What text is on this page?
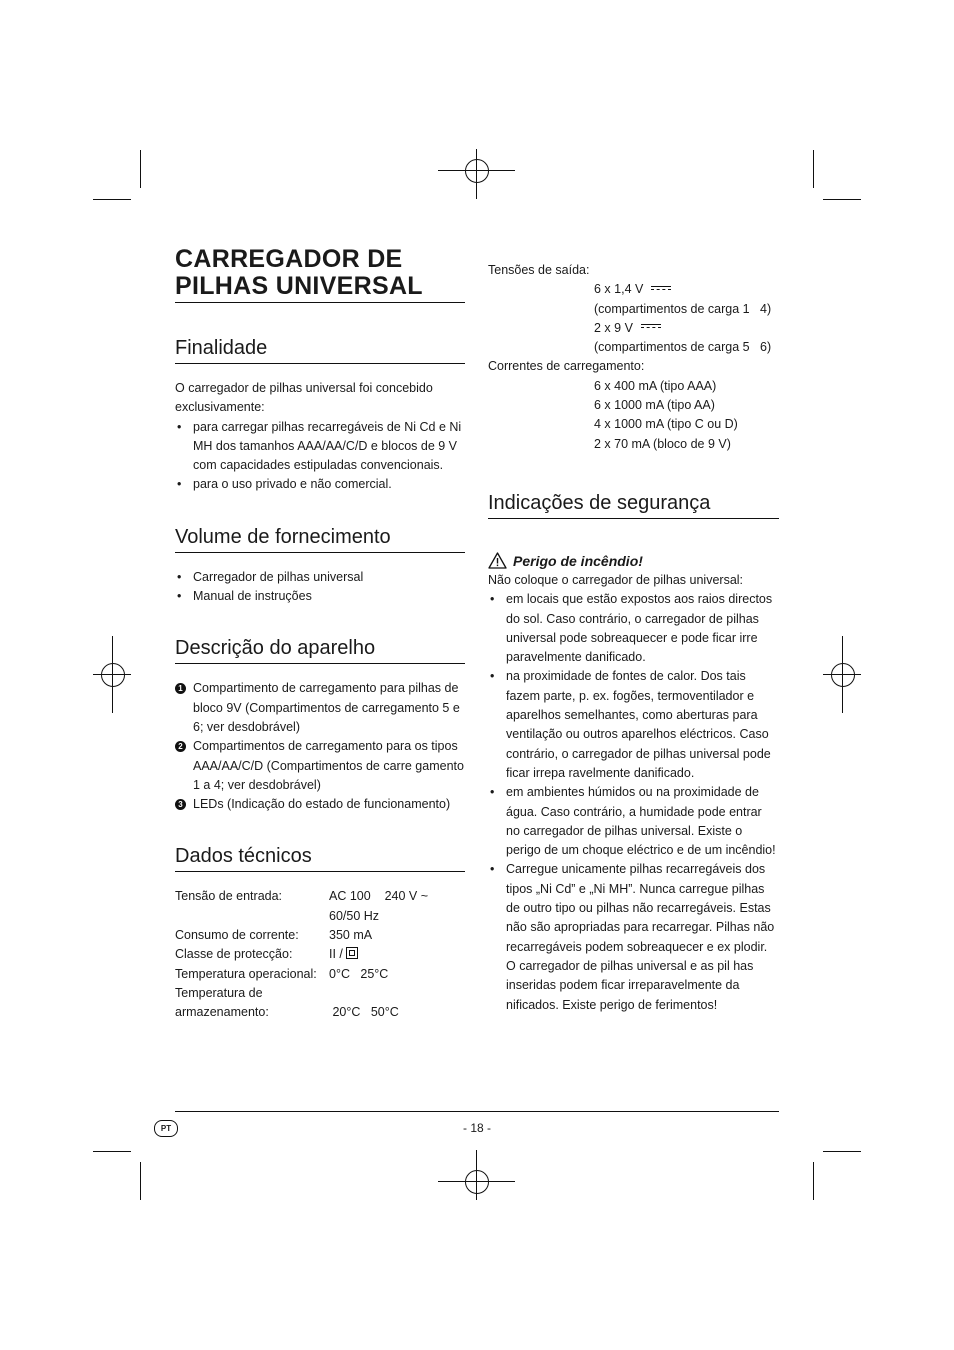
CARREGADOR DE PILHAS UNIVERSAL
Finalidade

O carregador de pilhas universal foi concebido exclusivamente:

• para carregar pilhas recarregáveis de Ni Cd e Ni MH dos tamanhos AAA/AA/C/D e blocos de 9 V com capacidades estipuladas convencionais.
• para o uso privado e não comercial.
Volume de fornecimento
• Carregador de pilhas universal
• Manual de instruções
Descrição do aparelho
1 Compartimento de carregamento para pilhas de bloco 9V (Compartimentos de carregamento 5 e 6; ver desdobrável)
2 Compartimentos de carregamento para os tipos AAA/AA/C/D (Compartimentos de carre gamento 1 a 4; ver desdobrável)
3 LEDs (Indicação do estado de funcionamento)
Dados técnicos
Tensão de entrada:	AC 100    240 V ~
60/50 Hz
Consumo de corrente:	350 mA
Classe de protecção:	II /
Temperatura operacional: 0°C   25°C
Temperatura de
armazenamento:	20°C   50°C

Tensões de saída:

6 x 1,4 V

(compartimentos de carga 1   4)

2 x 9 V

(compartimentos de carga 5   6)

Correntes de carregamento:

6 x 400 mA (tipo AAA)

6 x 1000 mA (tipo AA)

4 x 1000 mA (tipo C ou D)

2 x 70 mA (bloco de 9 V)

Indicações de segurança
Perigo de incêndio!

Não coloque o carregador de pilhas universal:

• em locais que estão expostos aos raios directos do sol. Caso contrário, o carregador de pilhas universal pode sobreaquecer e pode ficar irre paravelmente danificado.
• na proximidade de fontes de calor. Dos tais fazem parte, p. ex. fogões, termoventilador e aparelhos semelhantes, como aberturas para ventilação ou outros aparelhos eléctricos. Caso contrário, o carregador de pilhas universal pode ficar irrepa ravelmente danificado.
• em ambientes húmidos ou na proximidade de água. Caso contrário, a humidade pode entrar no carregador de pilhas universal. Existe o perigo de um choque eléctrico e de um incêndio!
• Carregue unicamente pilhas recarregáveis dos tipos „Ni Cd” e „Ni MH”. Nunca carregue pilhas de outro tipo ou pilhas não recarregáveis. Estas não são apropriadas para recarregar. Pilhas não recarregáveis podem sobreaquecer e ex plodir. O carregador de pilhas universal e as pil has inseridas podem ficar irreparavelmente da nificados. Existe perigo de ferimentos!
PT	- 18 -
